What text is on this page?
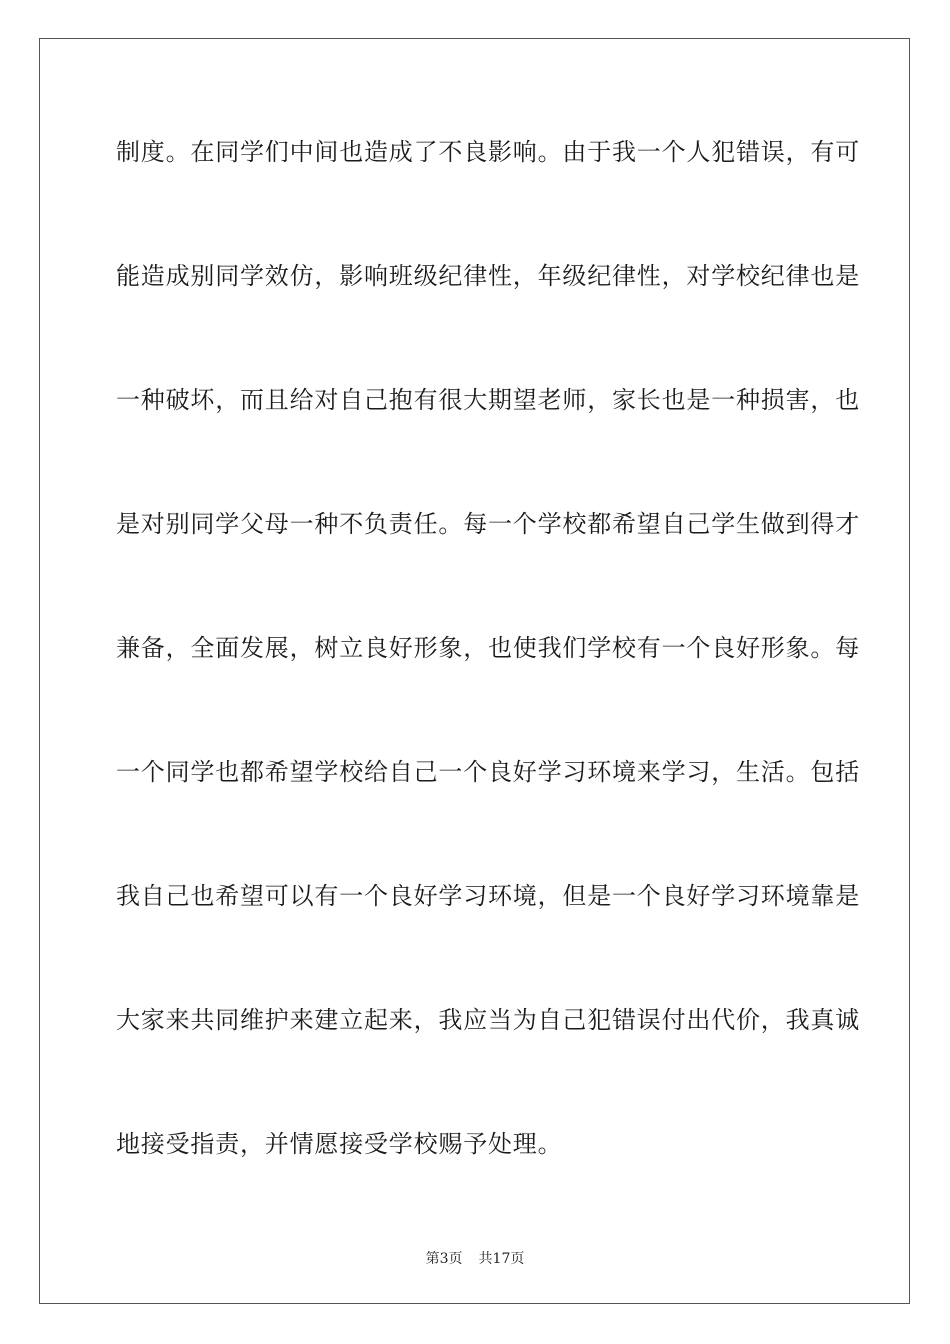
制度。在同学们中间也造成了不良影响。由于我一个人犯错误，有可
能造成别同学效仿，影响班级纪律性，年级纪律性，对学校纪律也是
一种破坏，而且给对自己抱有很大期望老师，家长也是一种损害，也
是对别同学父母一种不负责任。每一个学校都希望自己学生做到得才
兼备，全面发展，树立良好形象，也使我们学校有一个良好形象。每
一个同学也都希望学校给自己一个良好学习环境来学习，生活。包括
我自己也希望可以有一个良好学习环境，但是一个良好学习环境靠是
大家来共同维护来建立起来，我应当为自己犯错误付出代价，我真诚
地接受指责，并情愿接受学校赐予处理。
第3页 共17页
